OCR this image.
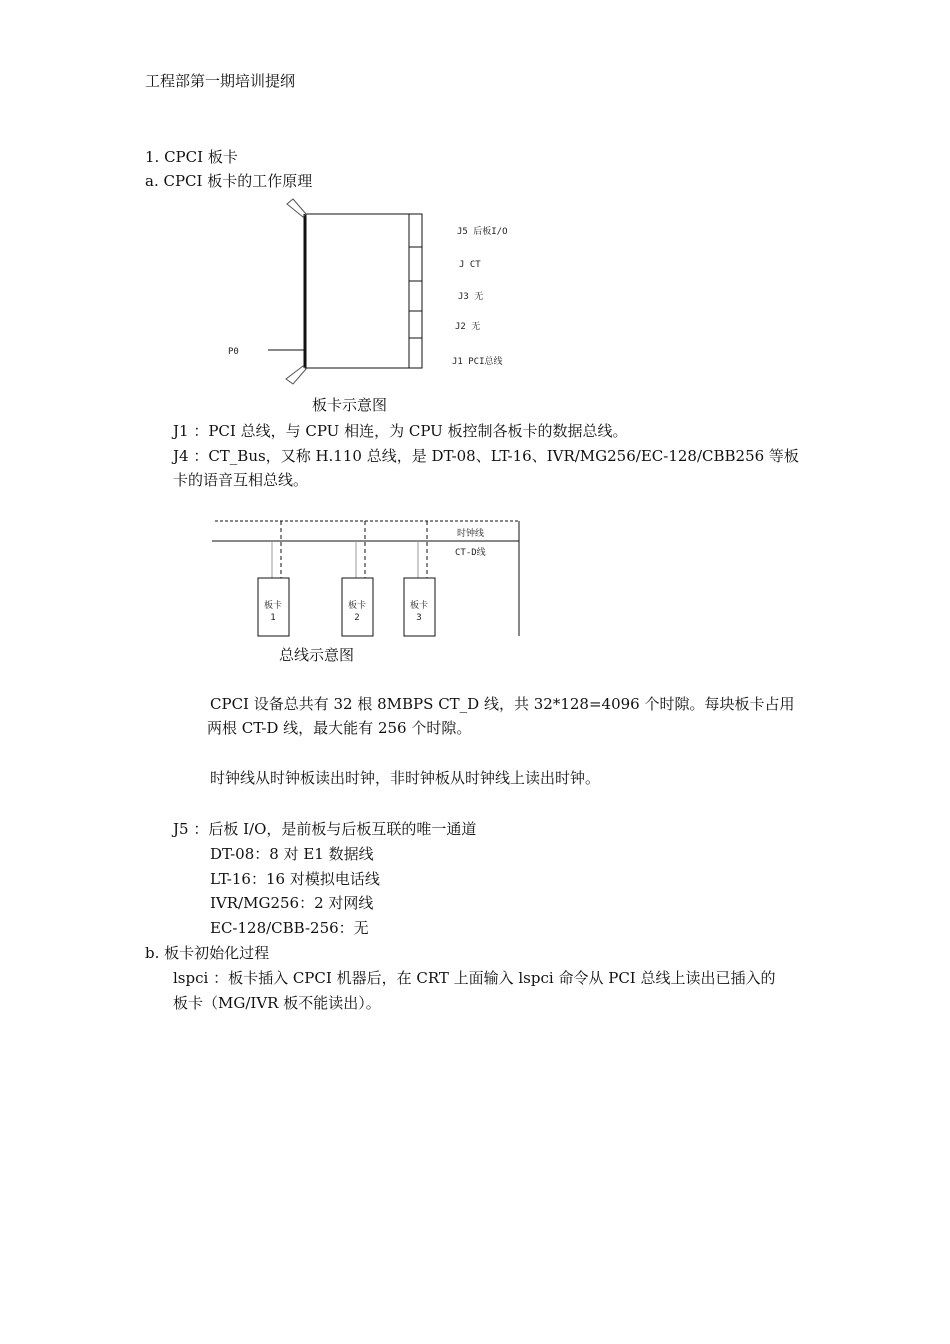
工程部第一期培训提纲
1. CPCI 板卡
a. CPCI 板卡的工作原理
J5 后板I/O
J CT
J3 无
J2 无
J1 PCI总线
P0
板卡示意图
J1 ：PCI 总线，与 CPU 相连，为 CPU 板控制各板卡的数据总线。
J4 ：CT_Bus，又称 H.110 总线，是 DT-08、LT-16、IVR/MG256/EC-128/CBB256 等板
卡的语音互相总线。
时钟线
CT-D线
板卡
1
板卡
2
板卡
3
总线示意图
CPCI 设备总共有 32 根 8MBPS CT_D 线，共 32*128=4096 个时隙。每块板卡占用
两根 CT-D 线，最大能有 256 个时隙。
时钟线从时钟板读出时钟，非时钟板从时钟线上读出时钟。
J5 ：后板 I/O，是前板与后板互联的唯一通道
DT-08：8 对 E1 数据线
LT-16：16 对模拟电话线
IVR/MG256：2 对网线
EC-128/CBB-256：无
b. 板卡初始化过程
lspci ：板卡插入 CPCI 机器后，在 CRT 上面输入 lspci 命令从 PCI 总线上读出已插入的
板卡（MG/IVR 板不能读出）。
